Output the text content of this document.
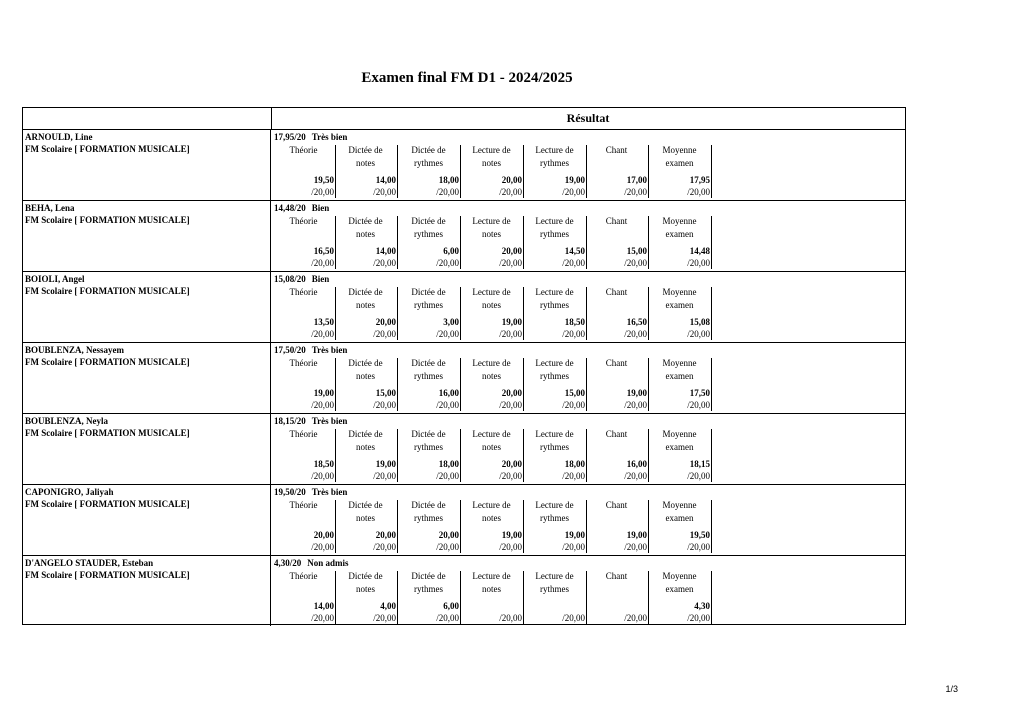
Examen final FM D1 - 2024/2025
Résultat
ARNOULD, Line
FM Scolaire [ FORMATION MUSICALE]
17,95/20 Très bien
Théorie
19,50
/20,00
Dictée de
notes
14,00
/20,00
Dictée de
rythmes
18,00
/20,00
Lecture de
notes
20,00
/20,00
Lecture de
rythmes
19,00
/20,00
Chant
17,00
/20,00
Moyenne
examen
17,95
/20,00
BEHA, Lena
FM Scolaire [ FORMATION MUSICALE]
14,48/20 Bien
Théorie
16,50
/20,00
Dictée de
notes
14,00
/20,00
Dictée de
rythmes
6,00
/20,00
Lecture de
notes
20,00
/20,00
Lecture de
rythmes
14,50
/20,00
Chant
15,00
/20,00
Moyenne
examen
14,48
/20,00
BOIOLI, Angel
FM Scolaire [ FORMATION MUSICALE]
15,08/20 Bien
Théorie
13,50
/20,00
Dictée de
notes
20,00
/20,00
Dictée de
rythmes
3,00
/20,00
Lecture de
notes
19,00
/20,00
Lecture de
rythmes
18,50
/20,00
Chant
16,50
/20,00
Moyenne
examen
15,08
/20,00
BOUBLENZA, Nessayem
FM Scolaire [ FORMATION MUSICALE]
17,50/20 Très bien
Théorie
19,00
/20,00
Dictée de
notes
15,00
/20,00
Dictée de
rythmes
16,00
/20,00
Lecture de
notes
20,00
/20,00
Lecture de
rythmes
15,00
/20,00
Chant
19,00
/20,00
Moyenne
examen
17,50
/20,00
BOUBLENZA, Neyla
FM Scolaire [ FORMATION MUSICALE]
18,15/20 Très bien
Théorie
18,50
/20,00
Dictée de
notes
19,00
/20,00
Dictée de
rythmes
18,00
/20,00
Lecture de
notes
20,00
/20,00
Lecture de
rythmes
18,00
/20,00
Chant
16,00
/20,00
Moyenne
examen
18,15
/20,00
CAPONIGRO, Jaliyah
FM Scolaire [ FORMATION MUSICALE]
19,50/20 Très bien
Théorie
20,00
/20,00
Dictée de
notes
20,00
/20,00
Dictée de
rythmes
20,00
/20,00
Lecture de
notes
19,00
/20,00
Lecture de
rythmes
19,00
/20,00
Chant
19,00
/20,00
Moyenne
examen
19,50
/20,00
D'ANGELO STAUDER, Esteban
FM Scolaire [ FORMATION MUSICALE]
4,30/20 Non admis
Théorie
14,00
/20,00
Dictée de
notes
4,00
/20,00
Dictée de
rythmes
6,00
/20,00
Lecture de
notes
/20,00
Lecture de
rythmes
/20,00
Chant
/20,00
Moyenne
examen
4,30
/20,00
1/3
